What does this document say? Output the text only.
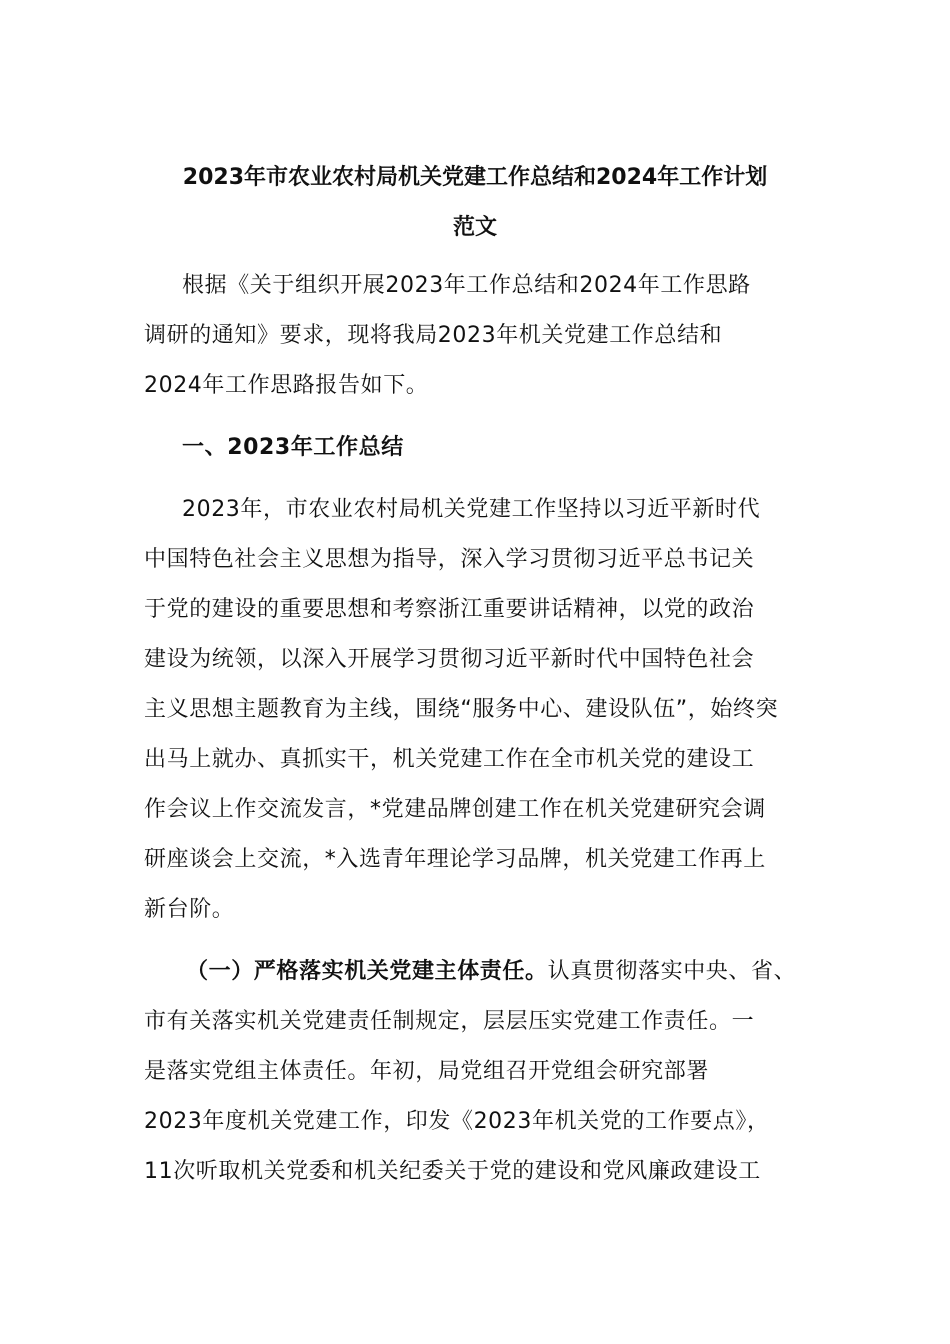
2023年市农业农村局机关党建工作总结和2024年工作计划
范文
根据《关于组织开展2023年工作总结和2024年工作思路
调研的通知》要求，现将我局2023年机关党建工作总结和
2024年工作思路报告如下。
一、2023年工作总结
2023年，市农业农村局机关党建工作坚持以习近平新时代
中国特色社会主义思想为指导，深入学习贯彻习近平总书记关
于党的建设的重要思想和考察浙江重要讲话精神，以党的政治
建设为统领，以深入开展学习贯彻习近平新时代中国特色社会
主义思想主题教育为主线，围绕“服务中心、建设队伍”，始终突
出马上就办、真抓实干，机关党建工作在全市机关党的建设工
作会议上作交流发言，*党建品牌创建工作在机关党建研究会调
研座谈会上交流，*入选青年理论学习品牌，机关党建工作再上
新台阶。
（一）严格落实机关党建主体责任。认真贯彻落实中央、省、
市有关落实机关党建责任制规定，层层压实党建工作责任。一
是落实党组主体责任。年初，局党组召开党组会研究部署
2023年度机关党建工作，印发《2023年机关党的工作要点》，
11次听取机关党委和机关纪委关于党的建设和党风廉政建设工
